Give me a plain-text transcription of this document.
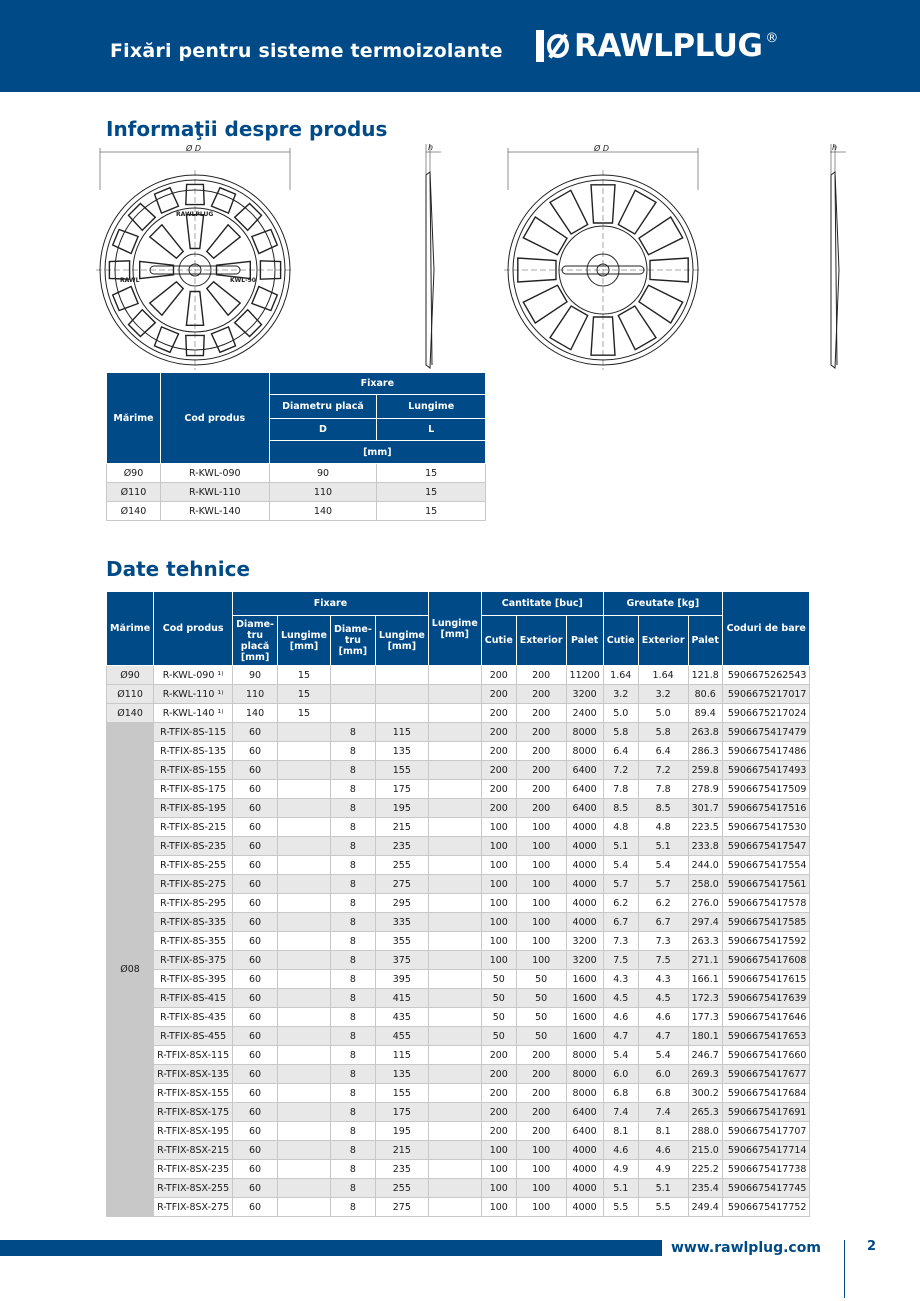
Fixări pentru sisteme termoizolante RAWLPLUG ®
Informaţii despre produs
Ø D	Ø D
h	h
RAWLPLUG
RAWL	KWL-90
Mărime	Cod produs	Fixare	
		Diametru placă	Lungime
		D	L
		[mm]	
Ø90	R-KWL-090	90	15
Ø110	R-KWL-110	110	15
Ø140	R-KWL-140	140	15
Date tehnice
Mărime	Cod produs	Fixare				Lungime [mm]	Cantitate [buc]			Greutate [kg]			Coduri de bare
		Diame- tru placă [mm]	Lungime [mm]	Diame- tru [mm]	Lungime [mm]		Cutie	Exterior	Palet	Cutie	Exterior	Palet	
Ø90	R-KWL-090 ¹⁾	90	15				200	200	11200	1.64	1.64	121.8	5906675262543
Ø110	R-KWL-110 ¹⁾	110	15				200	200	3200	3.2	3.2	80.6	5906675217017
Ø140	R-KWL-140 ¹⁾	140	15				200	200	2400	5.0	5.0	89.4	5906675217024
Ø08	R-TFIX-8S-115	60		8	115		200	200	8000	5.8	5.8	263.8	5906675417479
	R-TFIX-8S-135	60		8	135		200	200	8000	6.4	6.4	286.3	5906675417486
	R-TFIX-8S-155	60		8	155		200	200	6400	7.2	7.2	259.8	5906675417493
	R-TFIX-8S-175	60		8	175		200	200	6400	7.8	7.8	278.9	5906675417509
	R-TFIX-8S-195	60		8	195		200	200	6400	8.5	8.5	301.7	5906675417516
	R-TFIX-8S-215	60		8	215		100	100	4000	4.8	4.8	223.5	5906675417530
	R-TFIX-8S-235	60		8	235		100	100	4000	5.1	5.1	233.8	5906675417547
	R-TFIX-8S-255	60		8	255		100	100	4000	5.4	5.4	244.0	5906675417554
	R-TFIX-8S-275	60		8	275		100	100	4000	5.7	5.7	258.0	5906675417561
	R-TFIX-8S-295	60		8	295		100	100	4000	6.2	6.2	276.0	5906675417578
	R-TFIX-8S-335	60		8	335		100	100	4000	6.7	6.7	297.4	5906675417585
	R-TFIX-8S-355	60		8	355		100	100	3200	7.3	7.3	263.3	5906675417592
	R-TFIX-8S-375	60		8	375		100	100	3200	7.5	7.5	271.1	5906675417608
	R-TFIX-8S-395	60		8	395		50	50	1600	4.3	4.3	166.1	5906675417615
	R-TFIX-8S-415	60		8	415		50	50	1600	4.5	4.5	172.3	5906675417639
	R-TFIX-8S-435	60		8	435		50	50	1600	4.6	4.6	177.3	5906675417646
	R-TFIX-8S-455	60		8	455		50	50	1600	4.7	4.7	180.1	5906675417653
	R-TFIX-8SX-115	60		8	115		200	200	8000	5.4	5.4	246.7	5906675417660
	R-TFIX-8SX-135	60		8	135		200	200	8000	6.0	6.0	269.3	5906675417677
	R-TFIX-8SX-155	60		8	155		200	200	8000	6.8	6.8	300.2	5906675417684
	R-TFIX-8SX-175	60		8	175		200	200	6400	7.4	7.4	265.3	5906675417691
	R-TFIX-8SX-195	60		8	195		200	200	6400	8.1	8.1	288.0	5906675417707
	R-TFIX-8SX-215	60		8	215		100	100	4000	4.6	4.6	215.0	5906675417714
	R-TFIX-8SX-235	60		8	235		100	100	4000	4.9	4.9	225.2	5906675417738
	R-TFIX-8SX-255	60		8	255		100	100	4000	5.1	5.1	235.4	5906675417745
	R-TFIX-8SX-275	60		8	275		100	100	4000	5.5	5.5	249.4	5906675417752
www.rawlplug.com	2
